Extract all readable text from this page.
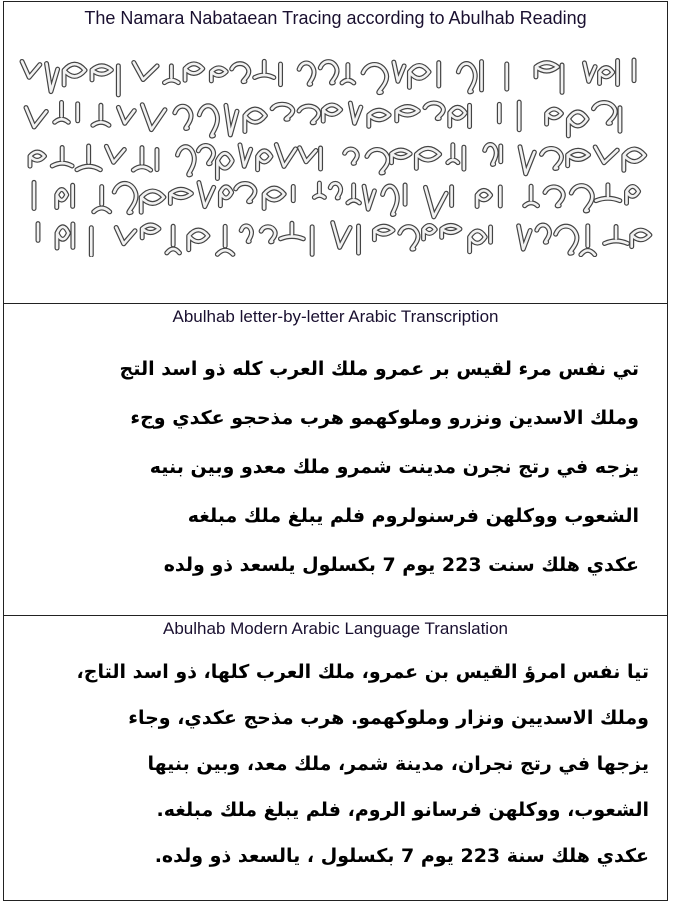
The Namara Nabataean Tracing according to Abulhab Reading

Abulhab letter-by-letter Arabic Transcription

تي نفس مرء لقيس بر عمرو ملك العرب كله ذو اسد التج

وملك الاسدين ونزرو وملوكهمو هرب مذحجو عكدي وجء

يزجه في رتج نجرن مدينت شمرو ملك معدو وبين بنيه

الشعوب ووكلهن فرسنولروم فلم يبلغ ملك مبلغه

عكدي هلك سنت 223 يوم 7 بكسلول يلسعد ذو ولده

Abulhab Modern Arabic Language Translation

تيا نفس امرؤ القيس بن عمرو، ملك العرب كلها، ذو اسد التاج،

وملك الاسديين ونزار وملوكهمو. هرب مذحج عكدي، وجاء

يزجها في رتج نجران، مدينة شمر، ملك معد، وبين بنيها

الشعوب، ووكلهن فرسانو الروم، فلم يبلغ ملك مبلغه.

عكدي هلك سنة 223 يوم 7 بكسلول ، يالسعد ذو ولده.
